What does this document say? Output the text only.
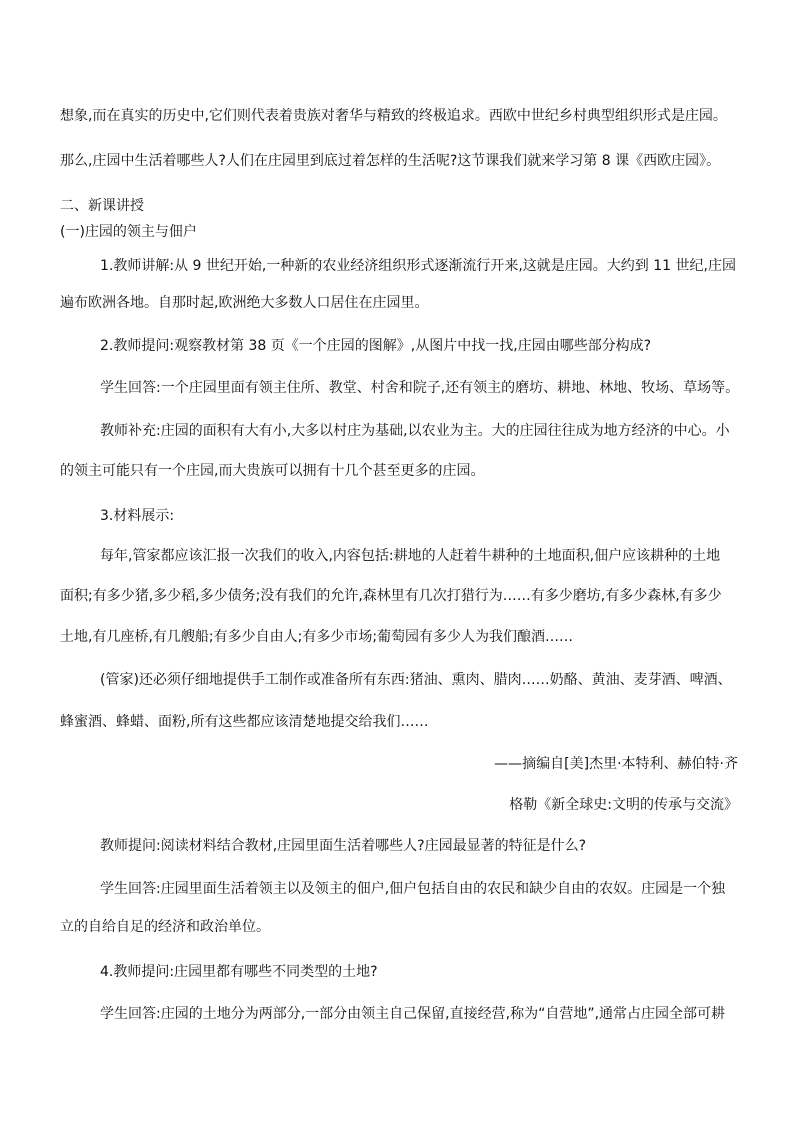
想象,而在真实的历史中,它们则代表着贵族对奢华与精致的终极追求。西欧中世纪乡村典型组织形式是庄园。

那么,庄园中生活着哪些人?人们在庄园里到底过着怎样的生活呢?这节课我们就来学习第 8 课《西欧庄园》。

二、新课讲授

(一)庄园的领主与佃户

1.教师讲解:从 9 世纪开始,一种新的农业经济组织形式逐渐流行开来,这就是庄园。大约到 11 世纪,庄园

遍布欧洲各地。自那时起,欧洲绝大多数人口居住在庄园里。

2.教师提问:观察教材第 38 页《一个庄园的图解》,从图片中找一找,庄园由哪些部分构成?

学生回答:一个庄园里面有领主住所、教堂、村舍和院子,还有领主的磨坊、耕地、林地、牧场、草场等。

教师补充:庄园的面积有大有小,大多以村庄为基础,以农业为主。大的庄园往往成为地方经济的中心。小

的领主可能只有一个庄园,而大贵族可以拥有十几个甚至更多的庄园。

3.材料展示:

每年,管家都应该汇报一次我们的收入,内容包括:耕地的人赶着牛耕种的土地面积,佃户应该耕种的土地

面积;有多少猪,多少稻,多少债务;没有我们的允许,森林里有几次打猎行为……有多少磨坊,有多少森林,有多少

土地,有几座桥,有几艘船;有多少自由人;有多少市场;葡萄园有多少人为我们酿酒……

(管家)还必须仔细地提供手工制作或准备所有东西:猪油、熏肉、腊肉……奶酪、黄油、麦芽酒、啤酒、

蜂蜜酒、蜂蜡、面粉,所有这些都应该清楚地提交给我们……

——摘编自[美]杰里·本特利、赫伯特·齐

格勒《新全球史:文明的传承与交流》

教师提问:阅读材料结合教材,庄园里面生活着哪些人?庄园最显著的特征是什么?

学生回答:庄园里面生活着领主以及领主的佃户,佃户包括自由的农民和缺少自由的农奴。庄园是一个独

立的自给自足的经济和政治单位。

4.教师提问:庄园里都有哪些不同类型的土地?

学生回答:庄园的土地分为两部分,一部分由领主自己保留,直接经营,称为“自营地”,通常占庄园全部可耕
